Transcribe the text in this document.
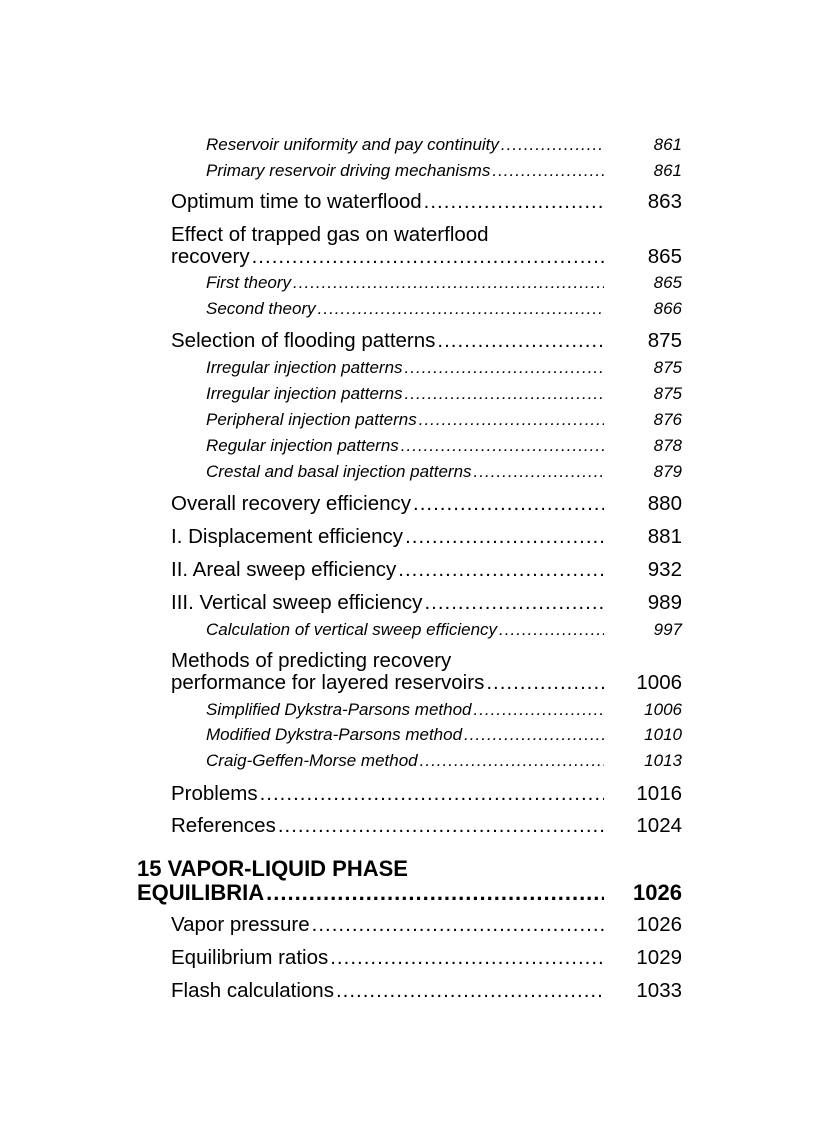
Reservoir uniformity and pay continuity .....	861
Primary reservoir driving mechanisms .....	861
Optimum time to waterflood .....	863
Effect of trapped gas on waterflood
recovery .....	865
First theory .....	865
Second theory .....	866
Selection of flooding patterns .....	875
Irregular injection patterns .....	875
Irregular injection patterns .....	875
Peripheral injection patterns .....	876
Regular injection patterns .....	878
Crestal and basal injection patterns .....	879
Overall recovery efficiency .....	880
I. Displacement efficiency .....	881
II. Areal sweep efficiency .....	932
III. Vertical sweep efficiency .....	989
Calculation of vertical sweep efficiency .....	997
Methods of predicting recovery
performance for layered reservoirs .....	1006
Simplified Dykstra-Parsons method .....	1006
Modified Dykstra-Parsons method .....	1010
Craig-Geffen-Morse method .....	1013
Problems .....	1016
References .....	1024
15 VAPOR-LIQUID PHASE
EQUILIBRIA .....	1026
Vapor pressure .....	1026
Equilibrium ratios .....	1029
Flash calculations .....	1033
